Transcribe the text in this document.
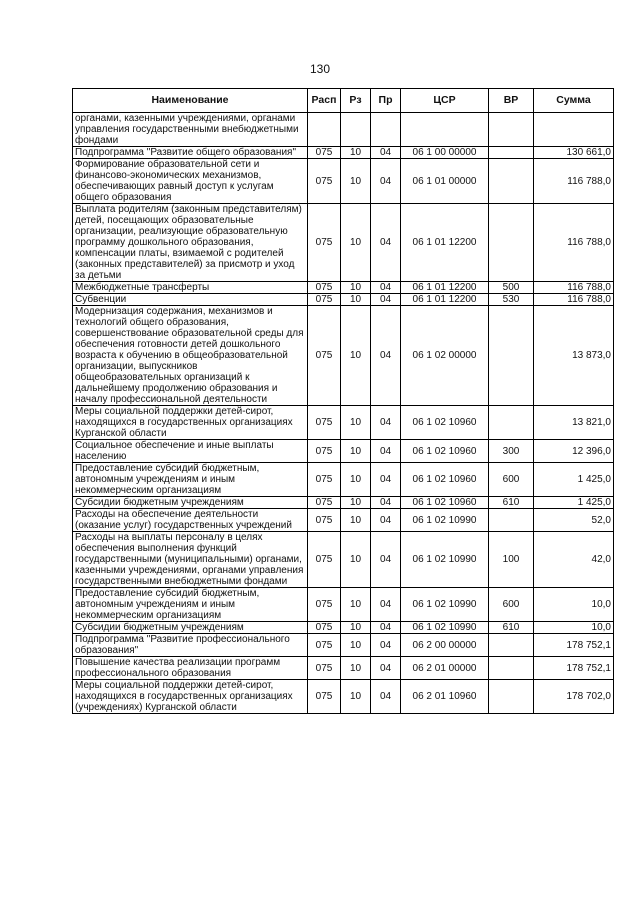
130
Наименование	Расп	Рз	Пр	ЦСР	ВР	Сумма
органами, казенными учреждениями, органами управления государственными внебюджетными фондами						
Подпрограмма "Развитие общего образования"	075	10	04	06 1 00 00000		130 661,0
Формирование образовательной сети и финансово-экономических механизмов, обеспечивающих равный доступ к услугам общего образования	075	10	04	06 1 01 00000		116 788,0
Выплата родителям (законным представителям) детей, посещающих образовательные организации, реализующие образовательную программу дошкольного образования, компенсации платы, взимаемой с родителей (законных представителей) за присмотр и уход за детьми	075	10	04	06 1 01 12200		116 788,0
Межбюджетные трансферты	075	10	04	06 1 01 12200	500	116 788,0
Субвенции	075	10	04	06 1 01 12200	530	116 788,0
Модернизация содержания, механизмов и технологий общего образования, совершенствование образовательной среды для обеспечения готовности детей дошкольного возраста к обучению в общеобразовательной организации, выпускников общеобразовательных организаций к дальнейшему продолжению образования и началу профессиональной деятельности	075	10	04	06 1 02 00000		13 873,0
Меры социальной поддержки детей-сирот, находящихся в государственных организациях Курганской области	075	10	04	06 1 02 10960		13 821,0
Социальное обеспечение и иные выплаты населению	075	10	04	06 1 02 10960	300	12 396,0
Предоставление субсидий бюджетным, автономным учреждениям и иным некоммерческим организациям	075	10	04	06 1 02 10960	600	1 425,0
Субсидии бюджетным учреждениям	075	10	04	06 1 02 10960	610	1 425,0
Расходы на обеспечение деятельности (оказание услуг) государственных учреждений	075	10	04	06 1 02 10990		52,0
Расходы на выплаты персоналу в целях обеспечения выполнения функций государственными (муниципальными) органами, казенными учреждениями, органами управления государственными внебюджетными фондами	075	10	04	06 1 02 10990	100	42,0
Предоставление субсидий бюджетным, автономным учреждениям и иным некоммерческим организациям	075	10	04	06 1 02 10990	600	10,0
Субсидии бюджетным учреждениям	075	10	04	06 1 02 10990	610	10,0
Подпрограмма "Развитие профессионального образования"	075	10	04	06 2 00 00000		178 752,1
Повышение качества реализации программ профессионального образования	075	10	04	06 2 01 00000		178 752,1
Меры социальной поддержки детей-сирот, находящихся в государственных организациях (учреждениях) Курганской области	075	10	04	06 2 01 10960		178 702,0
